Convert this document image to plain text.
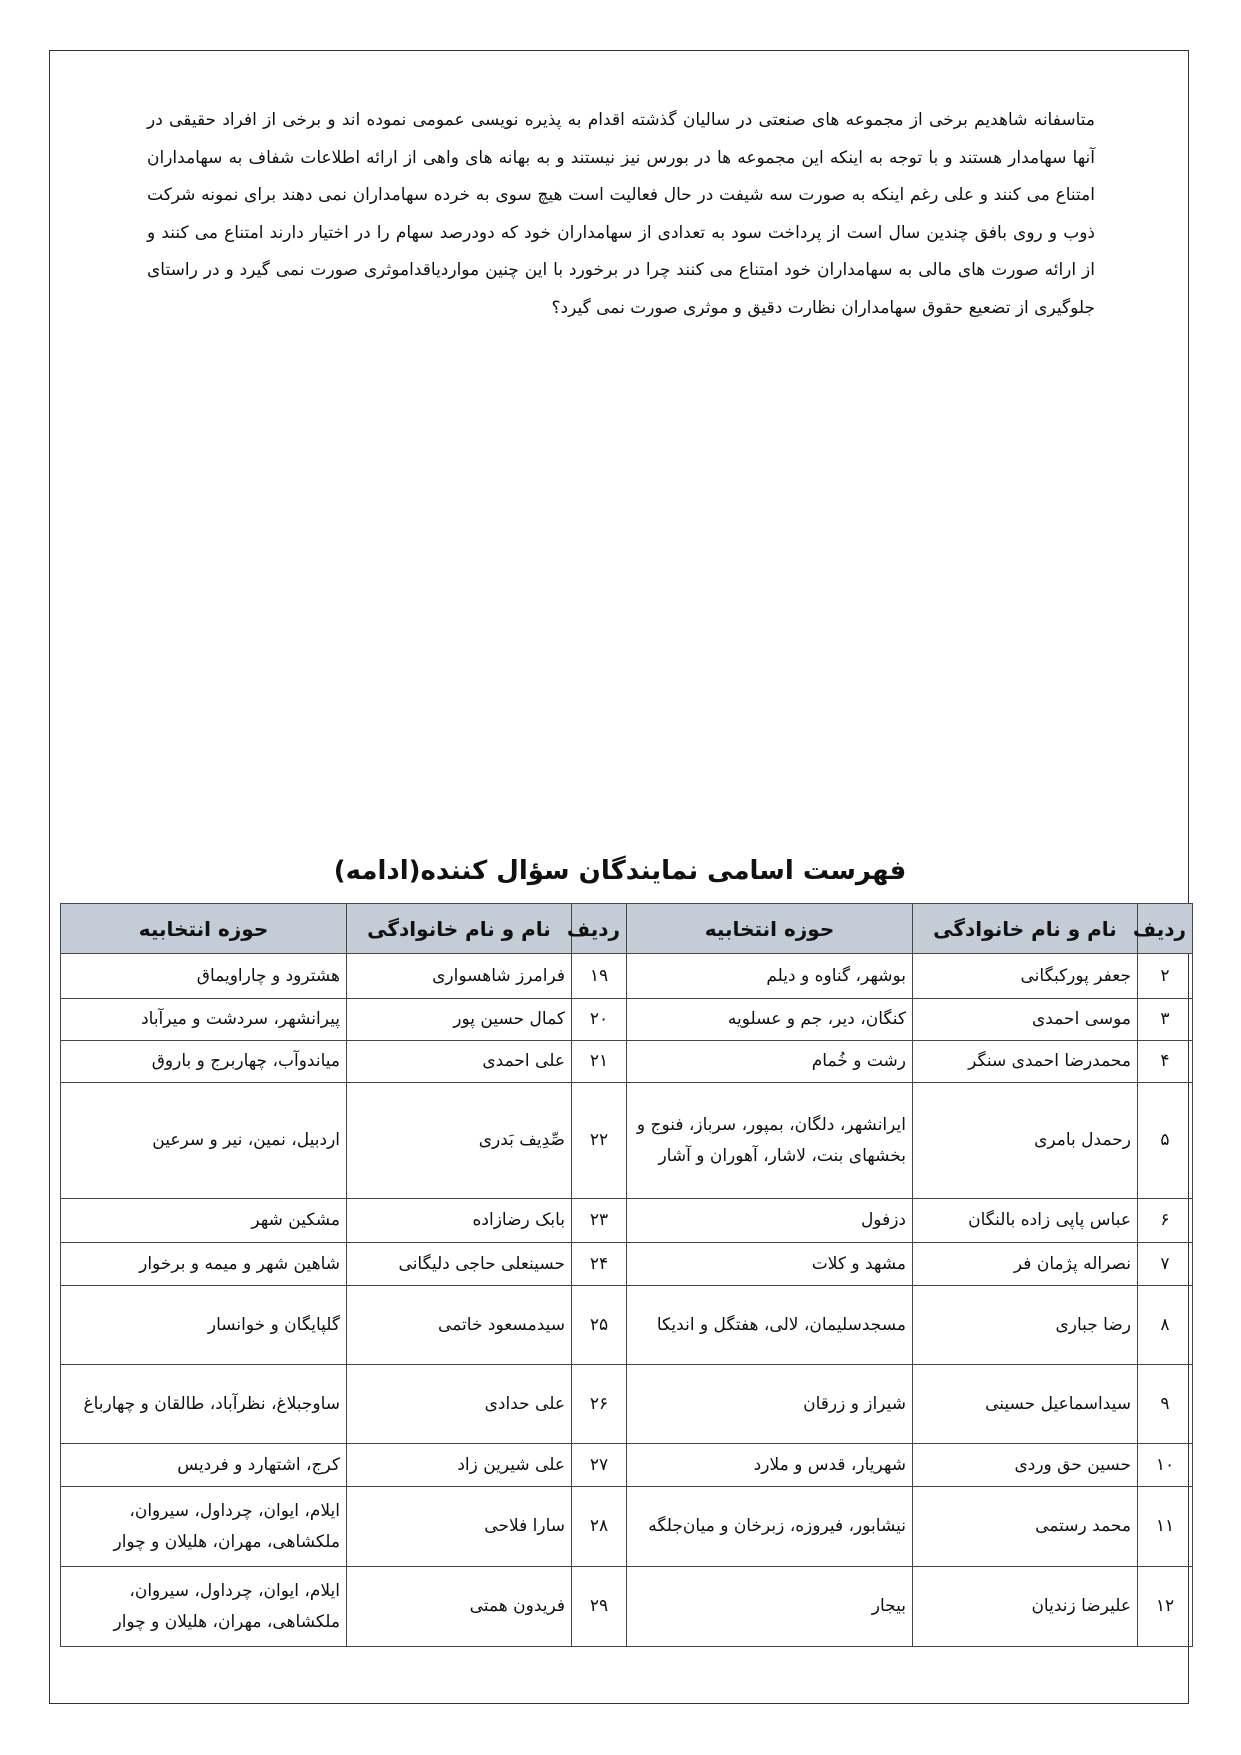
متاسفانه شاهدیم برخی از مجموعه های صنعتی در سالیان گذشته اقدام به پذیره نویسی عمومی نموده اند و برخی از افراد حقیقی در آنها سهامدار هستند و با توجه به اینکه این مجموعه ها در بورس نیز نیستند و به بهانه های واهی از ارائه اطلاعات شفاف به سهامداران امتناع می کنند و علی رغم اینکه به صورت سه شیفت در حال فعالیت است هیچ سوی به خرده سهامداران نمی دهند برای نمونه شرکت ذوب و روی بافق چندین سال است از پرداخت سود به تعدادی از سهامداران خود که دودرصد سهام را در اختیار دارند امتناع می کنند و از ارائه صورت های مالی به سهامداران خود امتناع می کنند چرا در برخورد با این چنین مواردیاقداموثری صورت نمی گیرد و در راستای جلوگیری از تضعیع حقوق سهامداران نظارت دقیق و موثری صورت نمی گیرد؟

فهرست اسامی نمایندگان سؤال کننده(ادامه)
ردیف	نام و نام خانوادگی	حوزه انتخابیه	ردیف	نام و نام خانوادگی	حوزه انتخابیه
۲	جعفر پورکبگانی	بوشهر، گناوه و دیلم	۱۹	فرامرز شاهسواری	هشترود و چاراویماق
۳	موسی احمدی	کنگان، دیر، جم و عسلویه	۲۰	کمال حسین پور	پیرانشهر، سردشت و میرآباد
۴	محمدرضا احمدی سنگر	رشت و خُمام	۲۱	علی احمدی	میاندوآب، چهاربرج و باروق
۵	رحمدل بامری	ایرانشهر، دلگان، بمپور، سرباز، فنوج و بخشهای بنت، لاشار، آهوران و آشار	۲۲	صِّدِیف بَدری	اردبیل، نمین، نیر و سرعین
۶	عباس پاپی زاده بالنگان	دزفول	۲۳	بابک رضازاده	مشکین شهر
۷	نصراله پژمان فر	مشهد و کلات	۲۴	حسینعلی حاجی دلیگانی	شاهین شهر و میمه و برخوار
۸	رضا جباری	مسجدسلیمان، لالی، هفتگل و اندیکا	۲۵	سیدمسعود خاتمی	گلپایگان و خوانسار
۹	سیداسماعیل حسینی	شیراز و زرقان	۲۶	علی حدادی	ساوجبلاغ، نظرآباد، طالقان و چهارباغ
۱۰	حسین حق وردی	شهریار، قدس و ملارد	۲۷	علی شیرین زاد	کرج، اشتهارد و فردیس
۱۱	محمد رستمی	نیشابور، فیروزه، زبرخان و میان‌جلگه	۲۸	سارا فلاحی	ایلام، ایوان، چرداول، سیروان، ملکشاهی، مهران، هلیلان و چوار
۱۲	علیرضا زندیان	بیجار	۲۹	فریدون همتی	ایلام، ایوان، چرداول، سیروان، ملکشاهی، مهران، هلیلان و چوار
